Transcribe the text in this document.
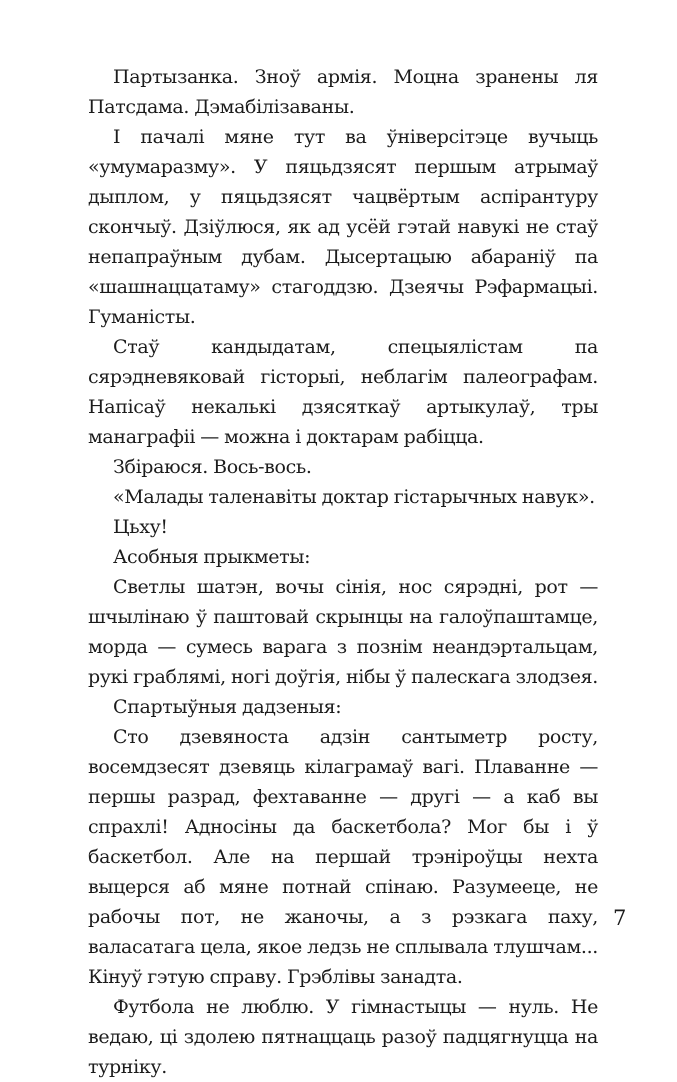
Партызанка. Зноў армія. Моцна зранены ля Патсдама. Дэмабілізаваны.

І пачалі мяне тут ва ўніверсітэце вучыць «умумаразму». У пяцьдзясят першым атрымаў дыплом, у пяцьдзясят чацвёртым аспірантуру скончыў. Дзіўлюся, як ад усёй гэтай навукі не стаў непапраўным дубам. Дысертацыю абараніў па «шашнаццатаму» стагоддзю. Дзеячы Рэфармацыі. Гуманісты.

Стаў кандыдатам, спецыялістам па сярэдневяковай гісторыі, неблагім палеографам. Напісаў некалькі дзясяткаў артыкулаў, тры манаграфіі — можна і доктарам рабіцца.

Збіраюся. Вось-вось.

«Малады таленавіты доктар гістарычных навук».

Цьху!

Асобныя прыкметы:

Светлы шатэн, вочы сінія, нос сярэдні, рот — шчылінаю ў паштовай скрынцы на галоўпаштамце, морда — сумесь варага з познім неандэртальцам, рукі граблямі, ногі доўгія, нібы ў палескага злодзея.

Спартыўныя дадзеныя:

Сто дзевяноста адзін сантыметр росту, восемдзесят дзевяць кілаграмаў вагі. Плаванне — першы разрад, фехтаванне — другі — а каб вы спрахлі! Адносіны да баскетбола? Мог бы і ў баскетбол. Але на першай трэніроўцы нехта выцерся аб мяне потнай спінаю. Разумееце, не рабочы пот, не жаночы, а з рэзкага паху, валасатага цела, якое ледзь не сплывала тлушчам... Кінуў гэтую справу. Грэблівы занадта.

Футбола не люблю. У гімнастыцы — нуль. Не ведаю, ці здолею пятнаццаць разоў падцягнуцца на турніку.

7
